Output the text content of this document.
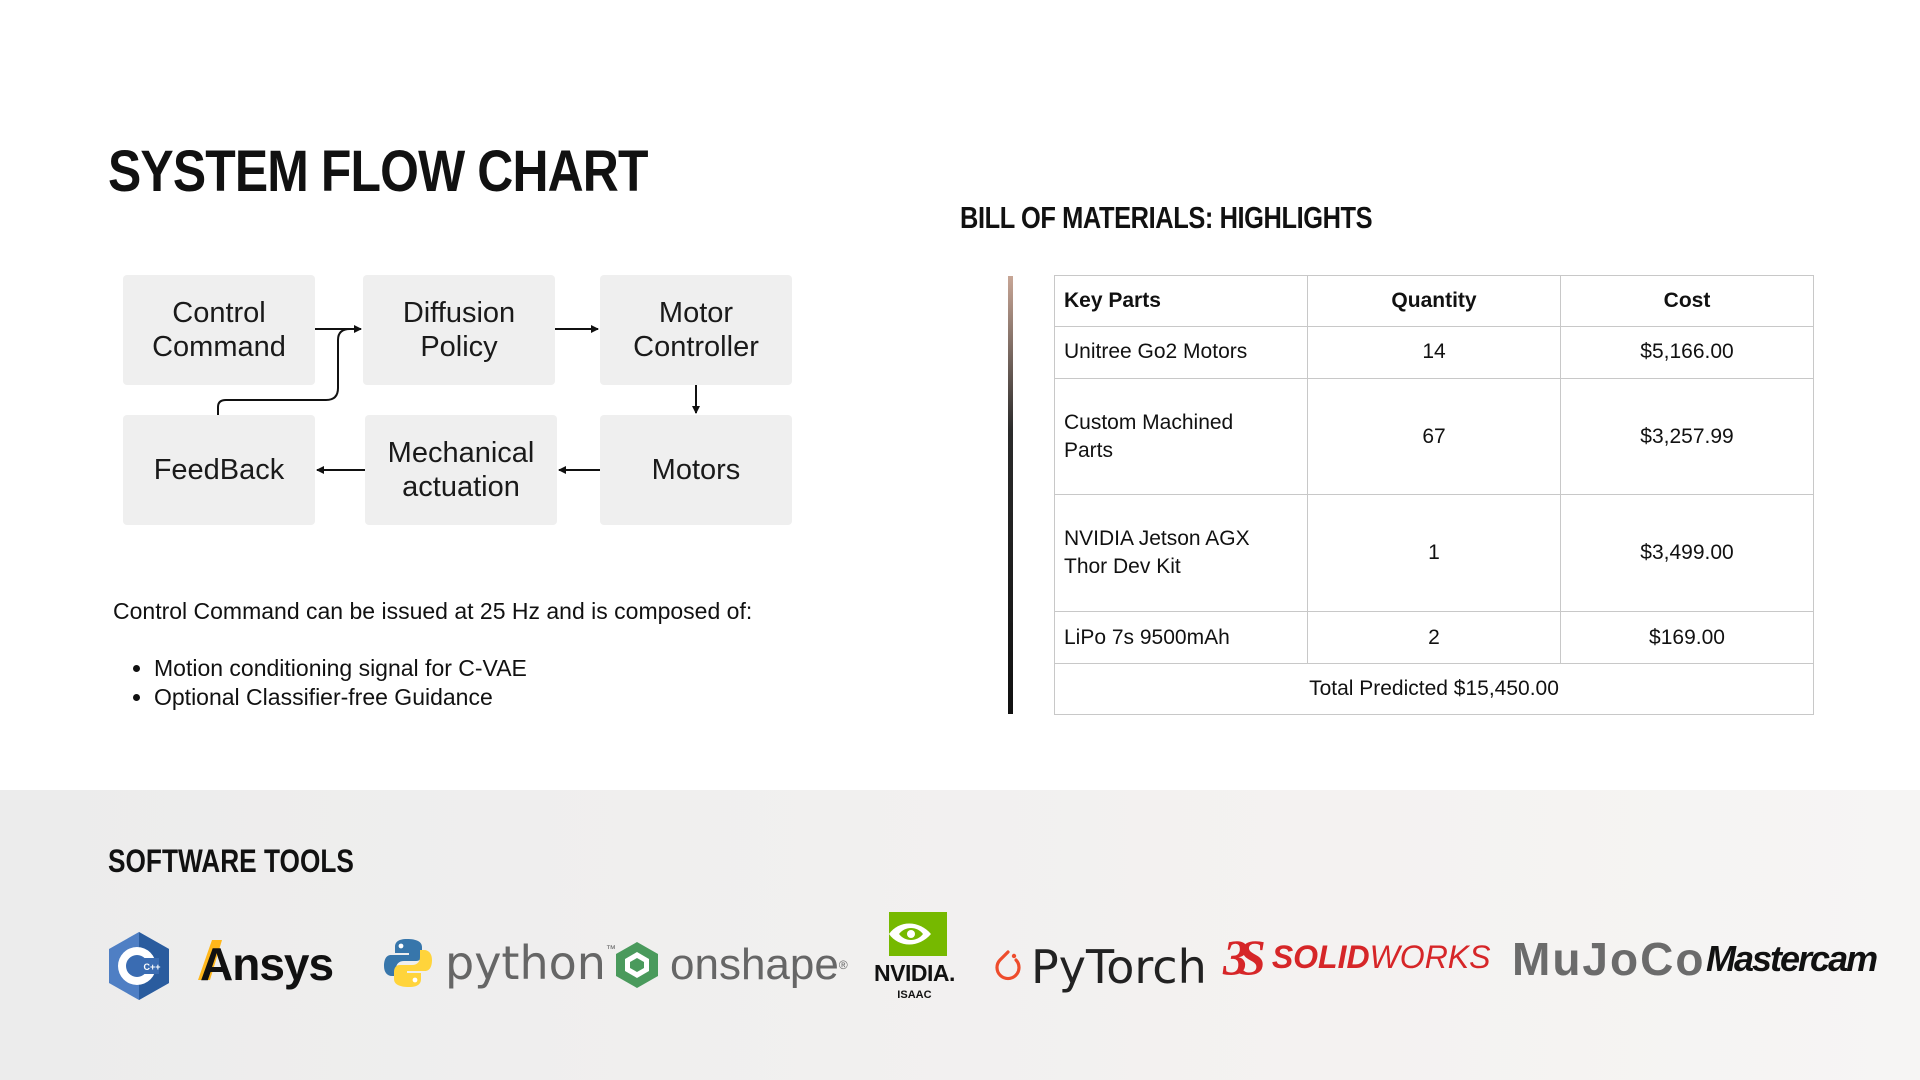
SYSTEM FLOW CHART
Control Command
Diffusion Policy
Motor Controller
FeedBack
Mechanical actuation
Motors
Control Command can be issued at 25 Hz and is composed of:
• Motion conditioning signal for C-VAE
• Optional Classifier-free Guidance
BILL OF MATERIALS: HIGHLIGHTS
Key Parts	Quantity	Cost
Unitree Go2 Motors	14	$5,166.00
Custom Machined Parts	67	$3,257.99
NVIDIA Jetson AGX Thor Dev Kit	1	$3,499.00
LiPo 7s 9500mAh	2	$169.00
Total Predicted $15,450.00		
SOFTWARE TOOLS
C++ Ansys python ™ onshape ® NVIDIA.
ISAAC
PyTorch 3S SOLID WORKS MuJoCo Mastercam
